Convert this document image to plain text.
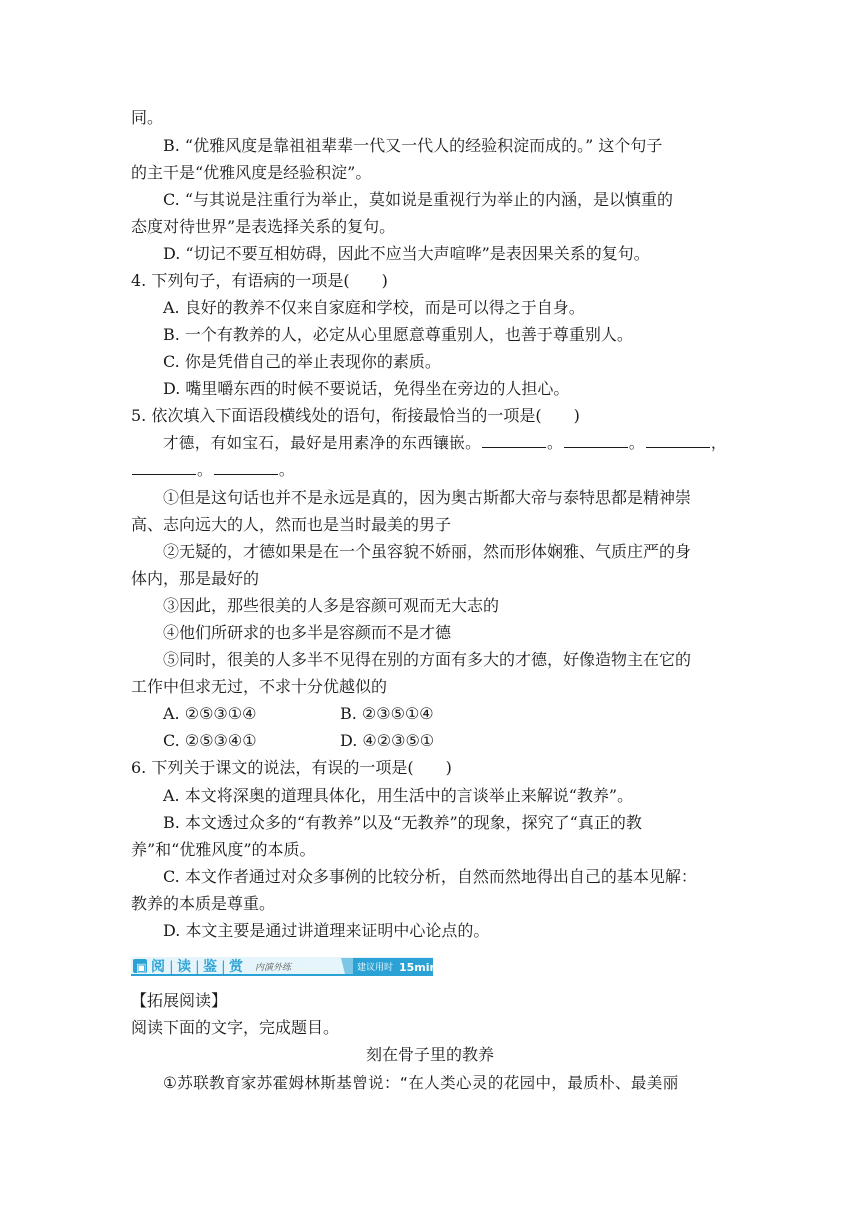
同。
B. “优雅风度是靠祖祖辈辈一代又一代人的经验积淀而成的。” 这个句子
的主干是“优雅风度是经验积淀”。
C. “与其说是注重行为举止，莫如说是重视行为举止的内涵，是以慎重的
态度对待世界”是表选择关系的复句。
D. “切记不要互相妨碍，因此不应当大声喧哗”是表因果关系的复句。
4. 下列句子，有语病的一项是(　　)
A. 良好的教养不仅来自家庭和学校，而是可以得之于自身。
B. 一个有教养的人，必定从心里愿意尊重别人，也善于尊重别人。
C. 你是凭借自己的举止表现你的素质。
D. 嘴里嚼东西的时候不要说话，免得坐在旁边的人担心。
5. 依次填入下面语段横线处的语句，衔接最恰当的一项是(　　)
才德，有如宝石，最好是用素净的东西镶嵌。	。	。	，
。	。
①但是这句话也并不是永远是真的，因为奥古斯都大帝与泰特思都是精神崇
高、志向远大的人，然而也是当时最美的男子
②无疑的，才德如果是在一个虽容貌不娇丽，然而形体娴雅、气质庄严的身
体内，那是最好的
③因此，那些很美的人多是容颜可观而无大志的
④他们所研求的也多半是容颜而不是才德
⑤同时，很美的人多半不见得在别的方面有多大的才德，好像造物主在它的
工作中但求无过，不求十分优越似的
A. ②⑤③①④	B. ②③⑤①④
C. ②⑤③④①	D. ④②③⑤①
6. 下列关于课文的说法，有误的一项是(　　)
A. 本文将深奥的道理具体化，用生活中的言谈举止来解说“教养”。
B. 本文透过众多的“有教养”以及“无教养”的现象，探究了“真正的教
养”和“优雅风度”的本质。
C. 本文作者通过对众多事例的比较分析，自然而然地得出自己的基本见解：
教养的本质是尊重。
D. 本文主要是通过讲道理来证明中心论点的。
▣ 阅 | 读 | 鉴 | 赏 内演外练	建议用时 15min
【拓展阅读】
阅读下面的文字，完成题目。
刻在骨子里的教养
①苏联教育家苏霍姆林斯基曾说：“在人类心灵的花园中，最质朴、最美丽
